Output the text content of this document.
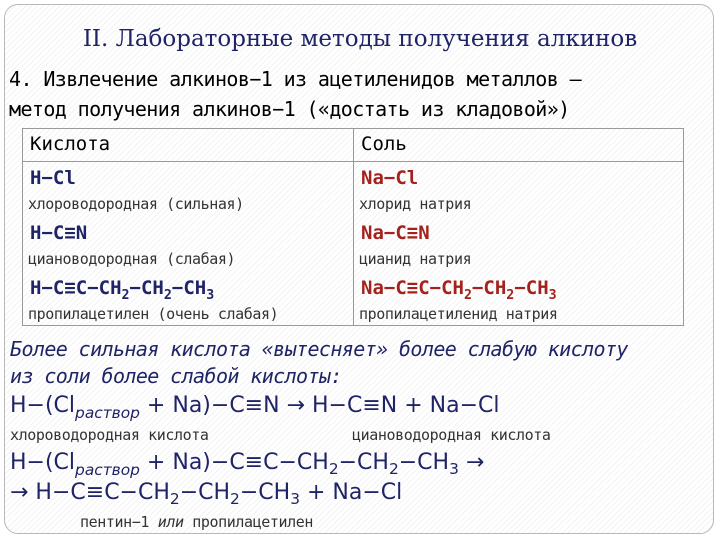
II. Лабораторные методы получения алкинов
4. Извлечение алкинов−1 из ацетиленидов металлов –
метод получения алкинов−1 («достать из кладовой»)
Кислота	Соль
H−Cl	Na−Cl
хлороводородная (сильная)	хлорид натрия
H−C≡N	Na−C≡N
циановодородная (слабая)	цианид натрия
$H-C\equiv C-CH_2-CH_2-CH_3$	$Na-C\equiv C-CH_2-CH_2-CH_3$
пропилацетилен (очень слабая)	пропилацетиленид натрия
Более сильная кислота «вытесняет» более слабую кислоту
из соли более слабой кислоты:
$H-(Cl_{раствор} + Na)-C\equiv N \to H-C\equiv N + Na-Cl$
хлороводородная кислота	циановодородная кислота
$H-(Cl_{раствор} + Na)-C\equiv C-CH_2-CH_2-CH_3$ →
→ $H-C\equiv C-CH_2-CH_2-CH_3 + Na-Cl$
пентин−1 или пропилацетилен
